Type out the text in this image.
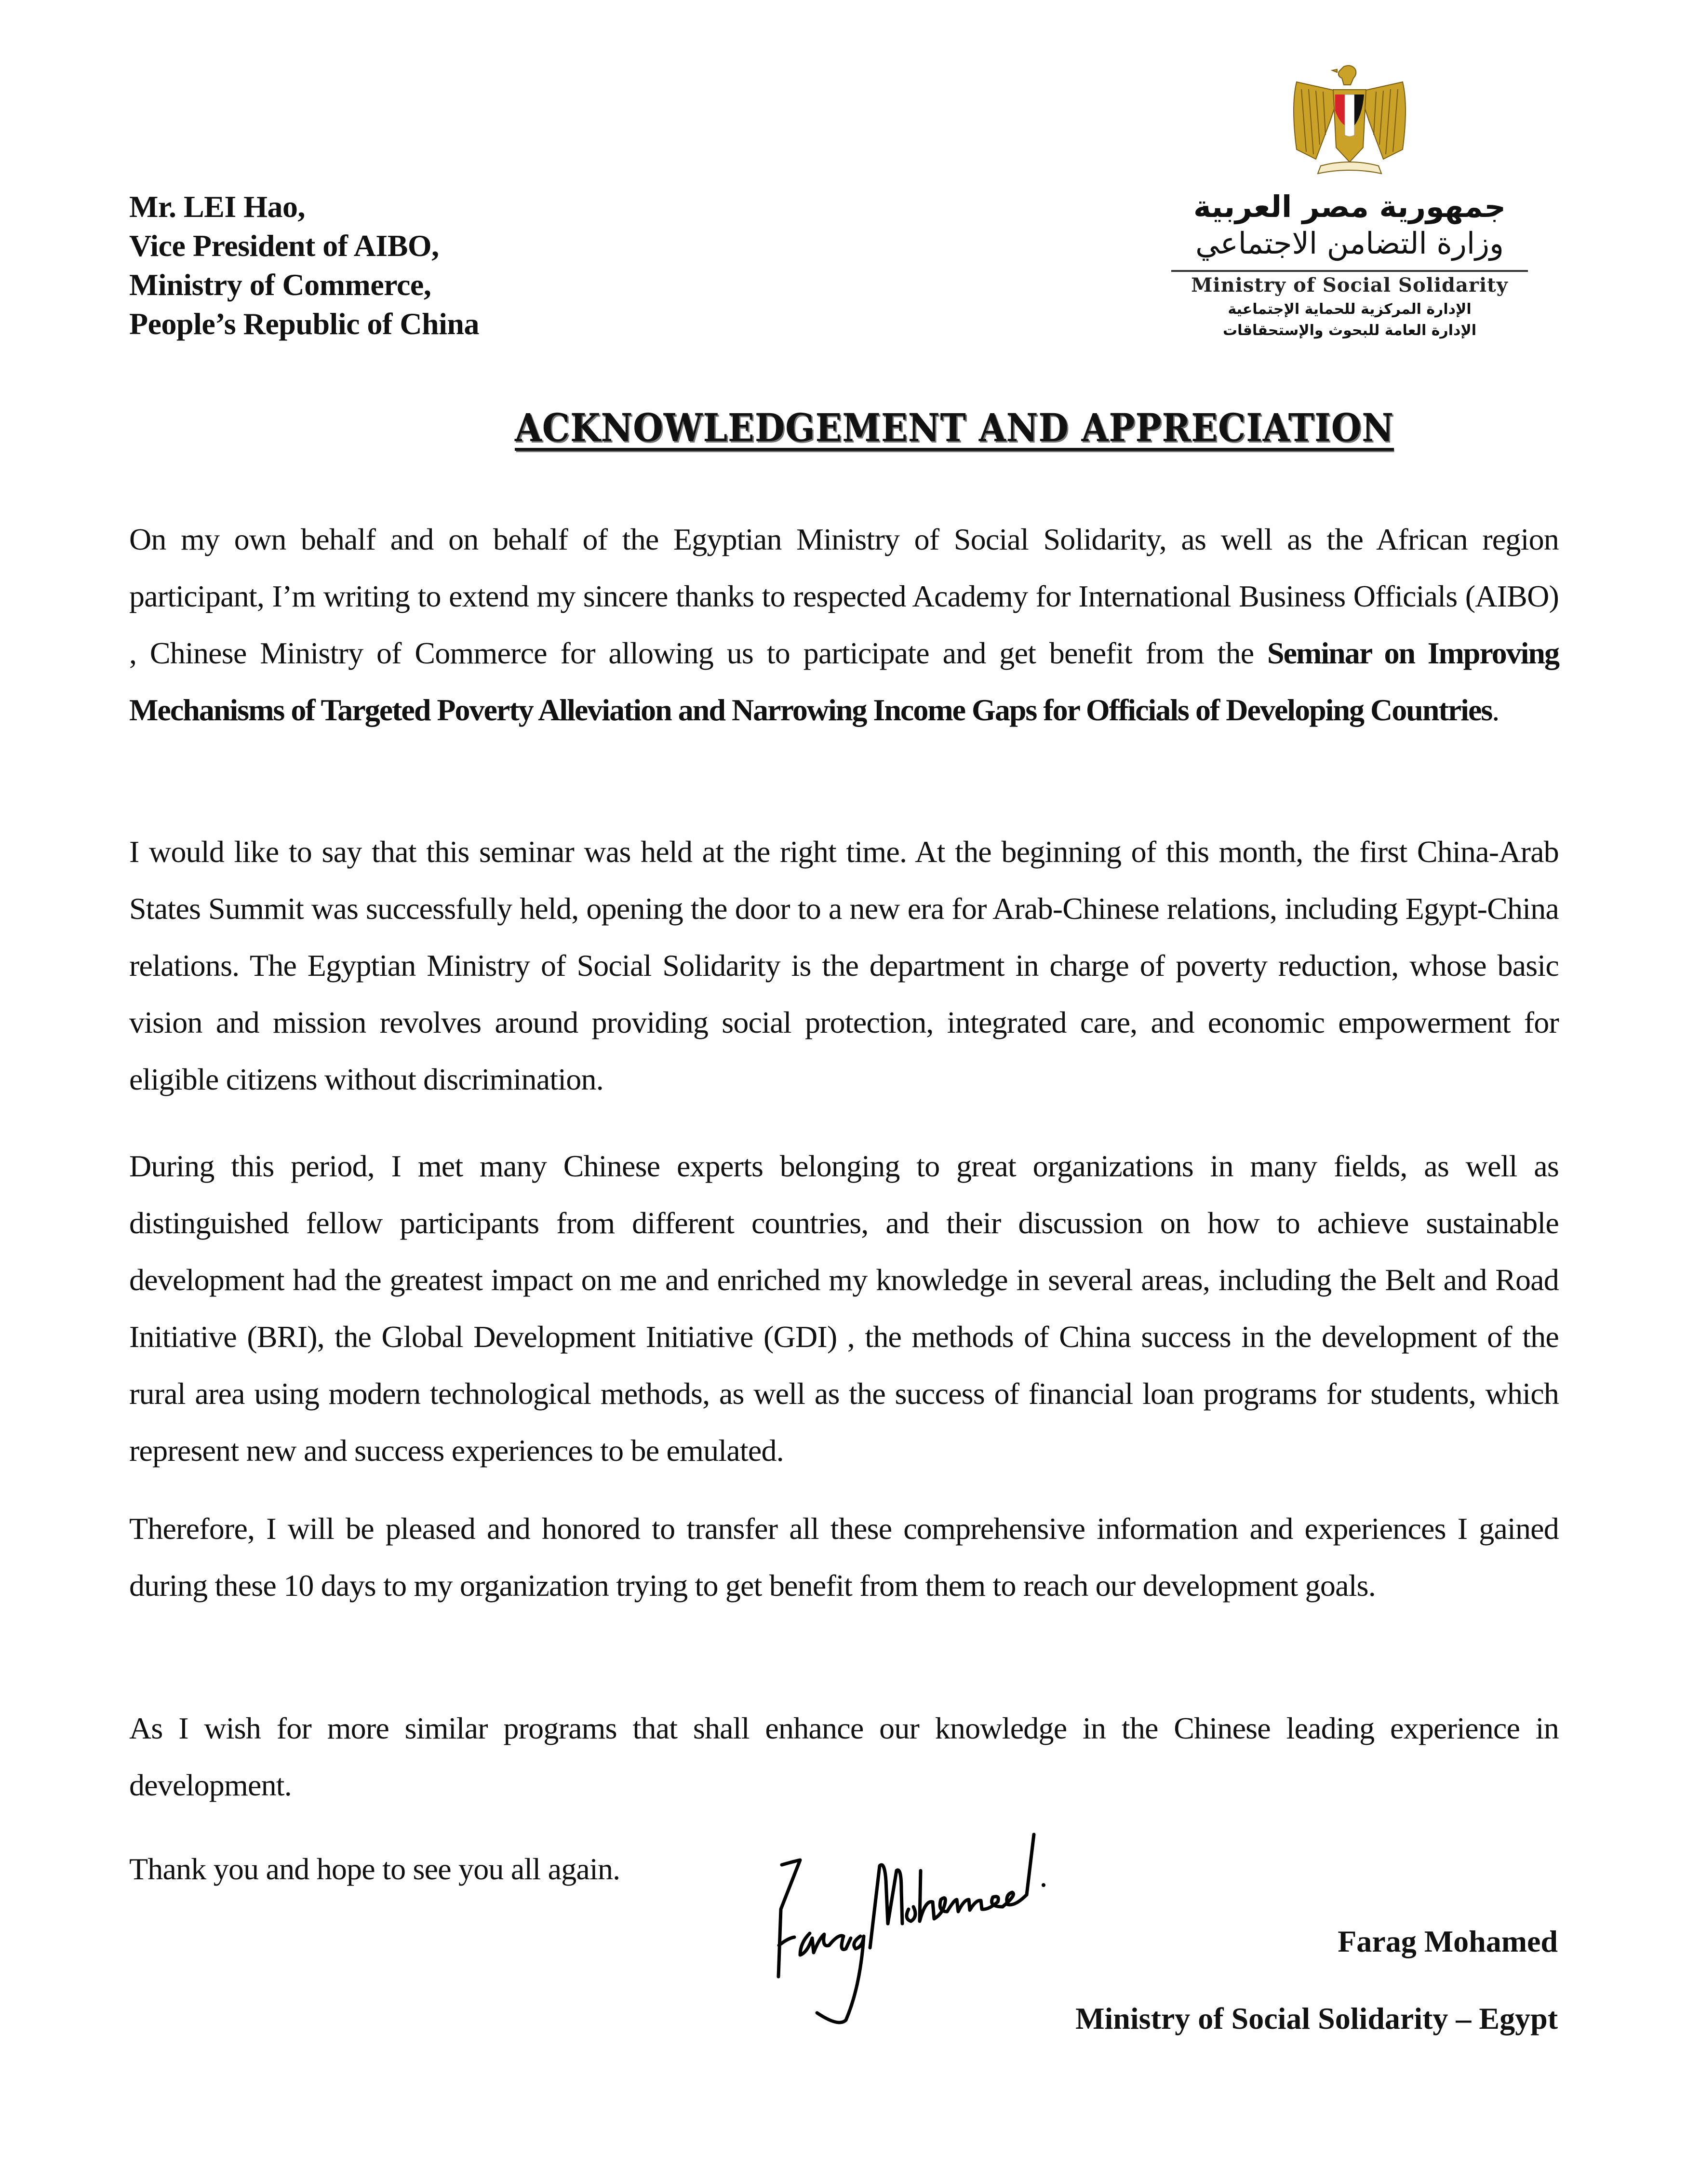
Mr. LEI Hao,
Vice President of AIBO,
Ministry of Commerce,
People’s Republic of China
جمهورية مصر العربية
وزارة التضامن الاجتماعي
Ministry of Social Solidarity
الإدارة المركزية للحماية الإجتماعية
الإدارة العامة للبحوث والإستحقاقات
ACKNOWLEDGEMENT AND APPRECIATION

On my own behalf and on behalf of the Egyptian Ministry of Social Solidarity, as well as the African region participant, I’m writing to extend my sincere thanks to respected Academy for International Business Officials (AIBO) , Chinese Ministry of Commerce for allowing us to participate and get benefit from the Seminar on Improving Mechanisms of Targeted Poverty Alleviation and Narrowing Income Gaps for Officials of Developing Countries.

I would like to say that this seminar was held at the right time. At the beginning of this month, the first China-Arab States Summit was successfully held, opening the door to a new era for Arab-Chinese relations, including Egypt-China relations. The Egyptian Ministry of Social Solidarity is the department in charge of poverty reduction, whose basic vision and mission revolves around providing social protection, integrated care, and economic empowerment for eligible citizens without discrimination.

During this period, I met many Chinese experts belonging to great organizations in many fields, as well as distinguished fellow participants from different countries, and their discussion on how to achieve sustainable development had the greatest impact on me and enriched my knowledge in several areas, including the Belt and Road Initiative (BRI), the Global Development Initiative (GDI) , the methods of China success in the development of the rural area using modern technological methods, as well as the success of financial loan programs for students, which represent new and success experiences to be emulated.

Therefore, I will be pleased and honored to transfer all these comprehensive information and experiences I gained during these 10 days to my organization trying to get benefit from them to reach our development goals.

As I wish for more similar programs that shall enhance our knowledge in the Chinese leading experience in development.

Thank you and hope to see you all again.

Farag Mohamed
Ministry of Social Solidarity – Egypt
